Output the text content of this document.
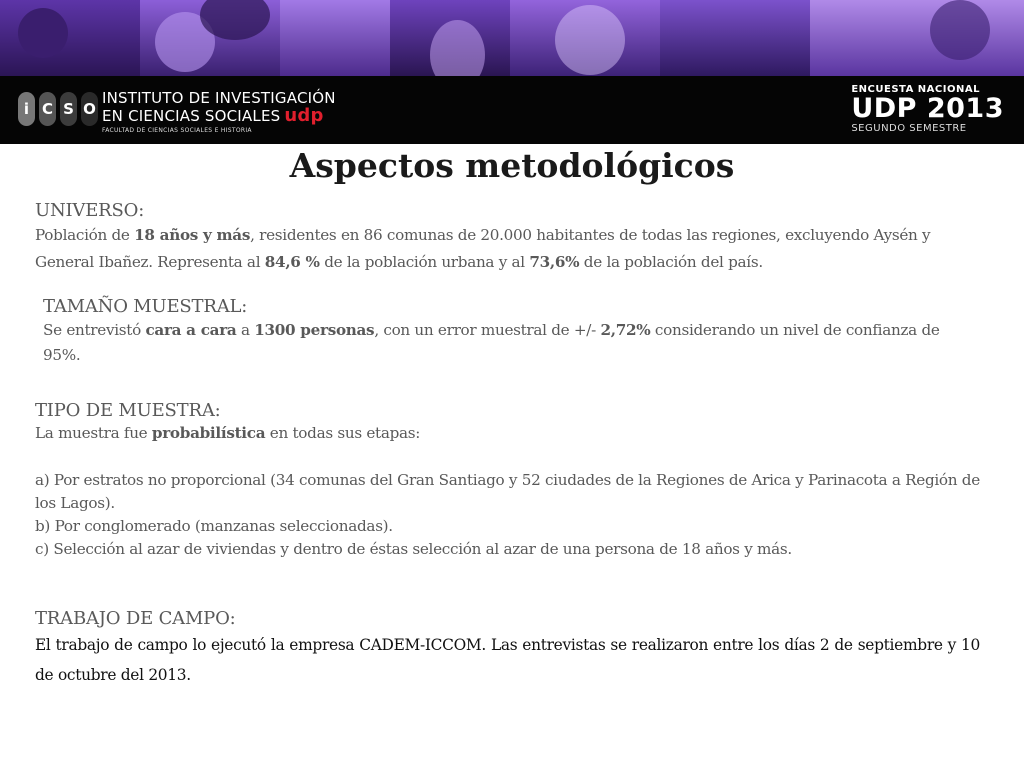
i C S O
INSTITUTO DE INVESTIGACIÓN
EN CIENCIAS SOCIALES udp
FACULTAD DE CIENCIAS SOCIALES E HISTORIA
ENCUESTA NACIONAL
UDP 2013
SEGUNDO SEMESTRE
Aspectos metodológicos
UNIVERSO:
Población de 18 años y más, residentes en 86 comunas de 20.000 habitantes de todas las regiones, excluyendo Aysén y General Ibañez. Representa al 84,6 % de la población urbana y al 73,6% de la población del país.
TAMAÑO MUESTRAL:
Se entrevistó cara a cara a 1300 personas, con un error muestral de +/- 2,72% considerando un nivel de confianza de 95%.
TIPO DE MUESTRA:
La muestra fue probabilística en todas sus etapas:
a) Por estratos no proporcional (34 comunas del Gran Santiago y 52 ciudades de la Regiones de Arica y Parinacota a Región de los Lagos).
b) Por conglomerado (manzanas seleccionadas).
c) Selección al azar de viviendas y dentro de éstas selección al azar de una persona de 18 años y más.
TRABAJO DE CAMPO:
El trabajo de campo lo ejecutó la empresa CADEM-ICCOM. Las entrevistas se realizaron entre los días 2 de septiembre y 10 de octubre del 2013.
